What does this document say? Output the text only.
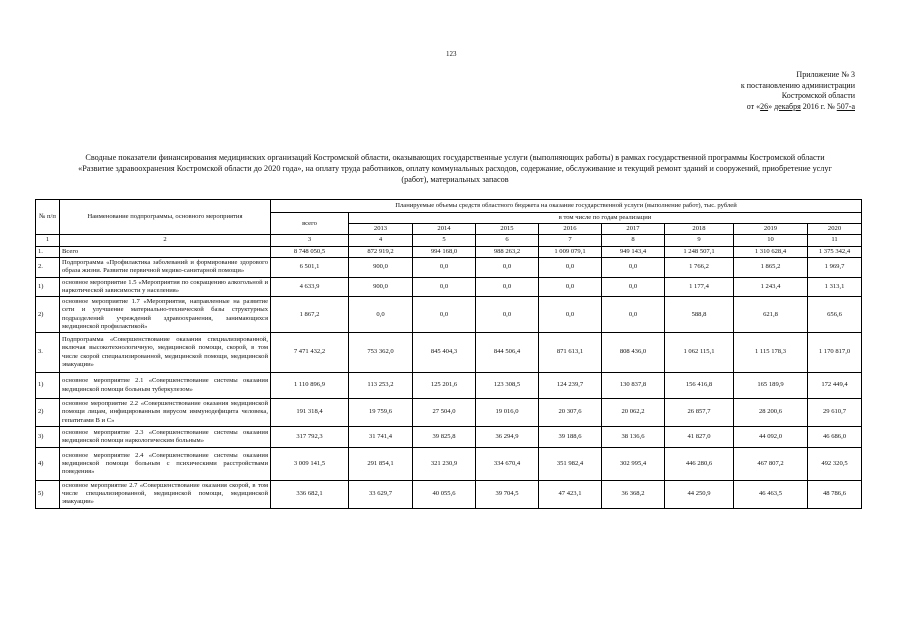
123
Приложение № 3
к постановлению администрации
Костромской области
от «26» декабря 2016 г. № 507-а
Сводные показатели финансирования медицинских организаций Костромской области, оказывающих государственные услуги (выполняющих работы) в рамках государственной программы Костромской области
«Развитие здравоохранения Костромской области до 2020 года», на оплату труда работников, оплату коммунальных расходов, содержание, обслуживание и текущий ремонт зданий и сооружений, приобретение услуг
(работ), материальных запасов
№ п/п	Наименование подпрограммы, основного мероприятия	Планируемые объемы средств областного бюджета на оказание государственной услуги (выполнение работ), тыс. рублей								
		всего	в том числе по годам реализации							
			2013	2014	2015	2016	2017	2018	2019	2020
1	2	3	4	5	6	7	8	9	10	11
1.	Всего	8 748 050,5	872 919,2	994 168,0	988 263,2	1 009 079,1	949 143,4	1 248 507,1	1 310 628,4	1 375 342,4
2.	Подпрограмма «Профилактика заболеваний и формирование здорового образа жизни. Развитие первичной медико-санитарной помощи»	6 501,1	900,0	0,0	0,0	0,0	0,0	1 766,2	1 865,2	1 969,7
1)	основное мероприятие 1.5 «Мероприятия по сокращению алкогольной и наркотической зависимости у населения»	4 633,9	900,0	0,0	0,0	0,0	0,0	1 177,4	1 243,4	1 313,1
2)	основное мероприятие 1.7 «Мероприятия, направленные на развитие сети и улучшение материально-технической базы структурных подразделений учреждений здравоохранения, занимающихся медицинской профилактикой»	1 867,2	0,0	0,0	0,0	0,0	0,0	588,8	621,8	656,6
3.	Подпрограмма «Совершенствование оказания специализированной, включая высокотехнологичную, медицинской помощи, скорой, в том числе скорой специализированной, медицинской помощи, медицинской эвакуации»	7 471 432,2	753 362,0	845 404,3	844 506,4	871 613,1	808 436,0	1 062 115,1	1 115 178,3	1 170 817,0
1)	основное мероприятие 2.1 «Совершенствование системы оказания медицинской помощи больным туберкулезом»	1 110 896,9	113 253,2	125 201,6	123 308,5	124 239,7	130 837,8	156 416,8	165 189,9	172 449,4
2)	основное мероприятие 2.2 «Совершенствование оказания медицинской помощи лицам, инфицированным вирусом иммунодефицита человека, гепатитами B и C»	191 318,4	19 759,6	27 504,0	19 016,0	20 307,6	20 062,2	26 857,7	28 200,6	29 610,7
3)	основное мероприятие 2.3 «Совершенствование системы оказания медицинской помощи наркологическим больным»	317 792,3	31 741,4	39 825,8	36 294,9	39 188,6	38 136,6	41 827,0	44 092,0	46 686,0
4)	основное мероприятие 2.4 «Совершенствование системы оказания медицинской помощи больным с психическими расстройствами поведения»	3 009 141,5	291 854,1	321 230,9	334 670,4	351 982,4	302 995,4	446 280,6	467 807,2	492 320,5
5)	основное мероприятие 2.7 «Совершенствование оказания скорой, в том числе специализированной, медицинской помощи, медицинской эвакуации»	336 682,1	33 629,7	40 055,6	39 704,5	47 423,1	36 368,2	44 250,9	46 463,5	48 786,6
